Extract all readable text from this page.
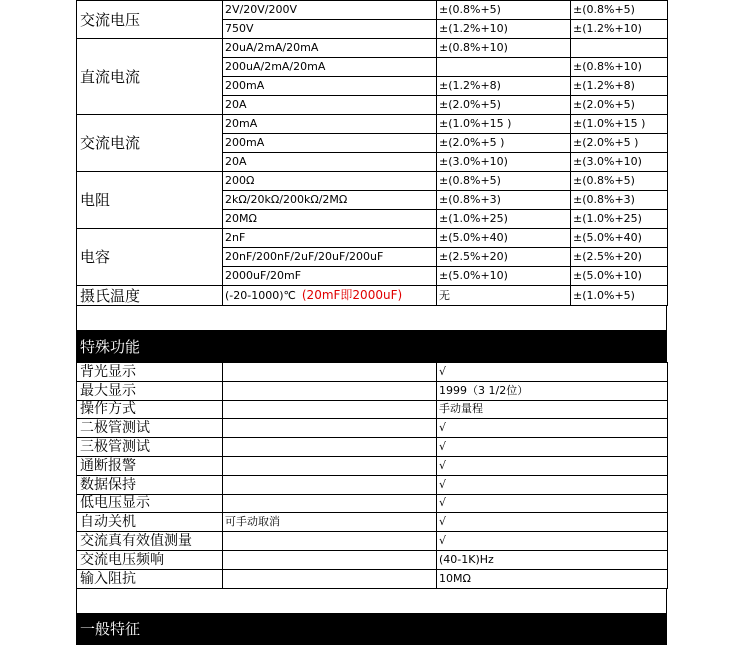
交流电压	2V/20V/200V	±(0.8%+5)	±(0.8%+5)
	750V	±(1.2%+10)	±(1.2%+10)
直流电流	20uA/2mA/20mA	±(0.8%+10)	
	200uA/2mA/20mA		±(0.8%+10)
	200mA	±(1.2%+8)	±(1.2%+8)
	20A	±(2.0%+5)	±(2.0%+5)
交流电流	20mA	±(1.0%+15 )	±(1.0%+15 )
	200mA	±(2.0%+5 )	±(2.0%+5 )
	20A	±(3.0%+10)	±(3.0%+10)
电阻	200Ω	±(0.8%+5)	±(0.8%+5)
	2kΩ/20kΩ/200kΩ/2MΩ	±(0.8%+3)	±(0.8%+3)
	20MΩ	±(1.0%+25)	±(1.0%+25)
电容	2nF	±(5.0%+40)	±(5.0%+40)
	20nF/200nF/2uF/20uF/200uF	±(2.5%+20)	±(2.5%+20)
	2000uF/20mF	±(5.0%+10)	±(5.0%+10)
摄氏温度	(-20-1000)℃ (20mF即2000uF)	无	±(1.0%+5)
特殊功能
背光显示		√
最大显示		1999（3 1/2位）
操作方式		手动量程
二极管测试		√
三极管测试		√
通断报警		√
数据保持		√
低电压显示		√
自动关机	可手动取消	√
交流真有效值测量		√
交流电压频响		(40-1K)Hz
输入阻抗		10MΩ
一般特征
